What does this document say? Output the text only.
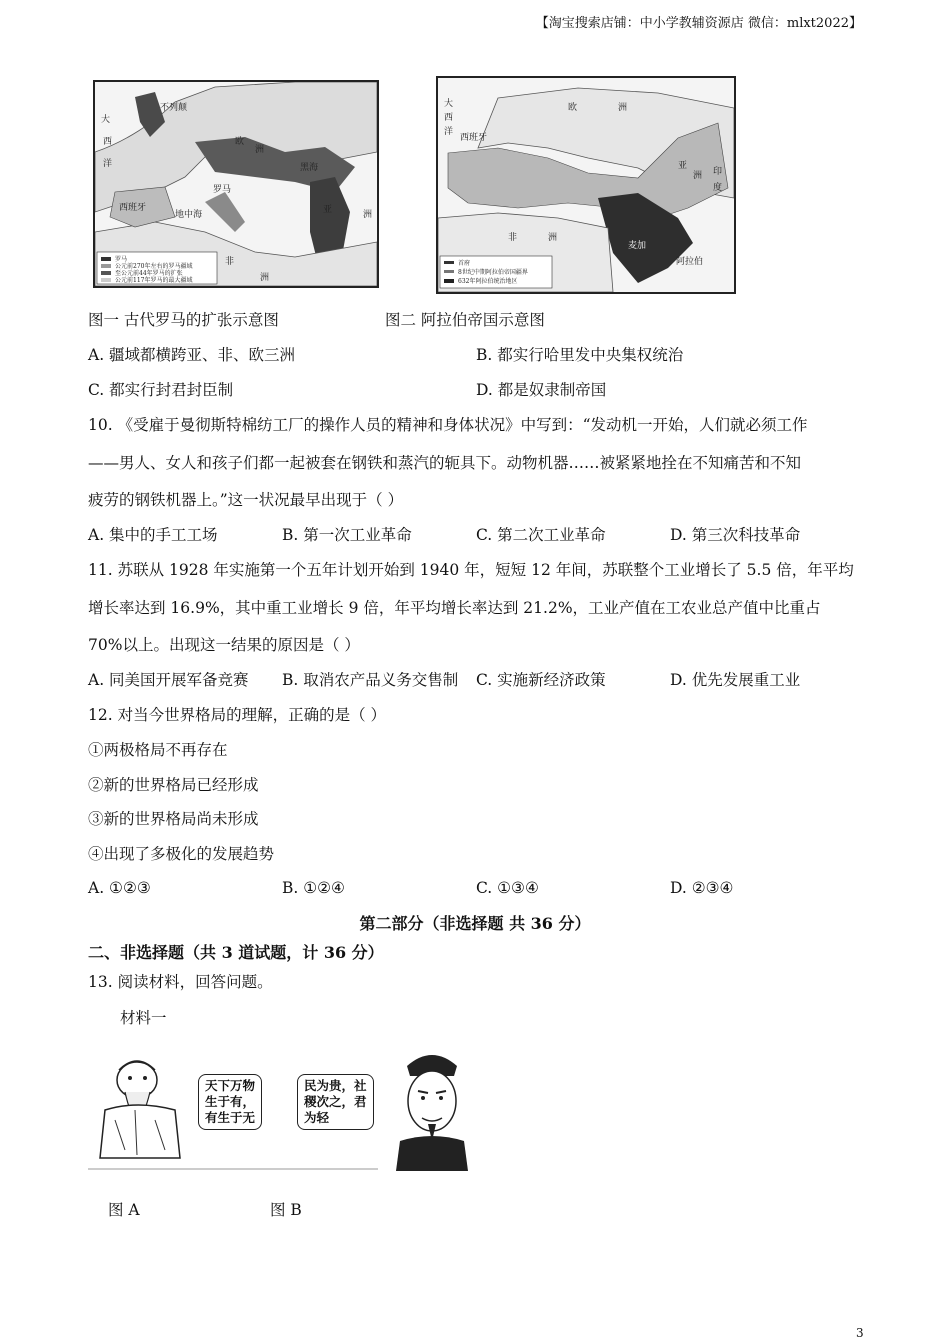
【淘宝搜索店铺：中小学教辅资源店 微信：mlxt2022】
大
西
洋
欧
洲
西班牙
非
洲
地中海
黑海
亚	洲
不列颠
罗马
罗马
公元前270年左右的罗马疆域
至公元前44年罗马的扩张
公元前117年罗马的最大疆域
大
西
洋
欧	洲
西班牙
亚
洲
非	洲
印
度
阿拉伯
麦加
首府
8世纪中期阿拉伯帝国疆界
632年阿拉伯统治地区
图一 古代罗马的扩张示意图	图二 阿拉伯帝国示意图
A. 疆域都横跨亚、非、欧三洲	B. 都实行哈里发中央集权统治
C. 都实行封君封臣制	D. 都是奴隶制帝国
10. 《受雇于曼彻斯特棉纺工厂的操作人员的精神和身体状况》中写到：“发动机一开始，人们就必须工作
——男人、女人和孩子们都一起被套在钢铁和蒸汽的轭具下。动物机器……被紧紧地拴在不知痛苦和不知
疲劳的钢铁机器上。”这一状况最早出现于（ ）
A. 集中的手工工场	B. 第一次工业革命	C. 第二次工业革命	D. 第三次科技革命
11. 苏联从 1928 年实施第一个五年计划开始到 1940 年，短短 12 年间，苏联整个工业增长了 5.5 倍，年平均
增长率达到 16.9%，其中重工业增长 9 倍，年平均增长率达到 21.2%，工业产值在工农业总产值中比重占
70%以上。出现这一结果的原因是（ ）
A. 同美国开展军备竞赛 B. 取消农产品义务交售制 C. 实施新经济政策	D. 优先发展重工业
12. 对当今世界格局的理解，正确的是（ ）
①两极格局不再存在
②新的世界格局已经形成
③新的世界格局尚未形成
④出现了多极化的发展趋势
A. ①②③	B. ①②④	C. ①③④	D. ②③④
第二部分（非选择题 共 36 分）
二、非选择题（共 3 道试题，计 36 分）
13. 阅读材料，回答问题。
材料一
天下万物
生于有，
有生于无
民为贵，社
稷次之，君
为轻
图 A	图 B
3
